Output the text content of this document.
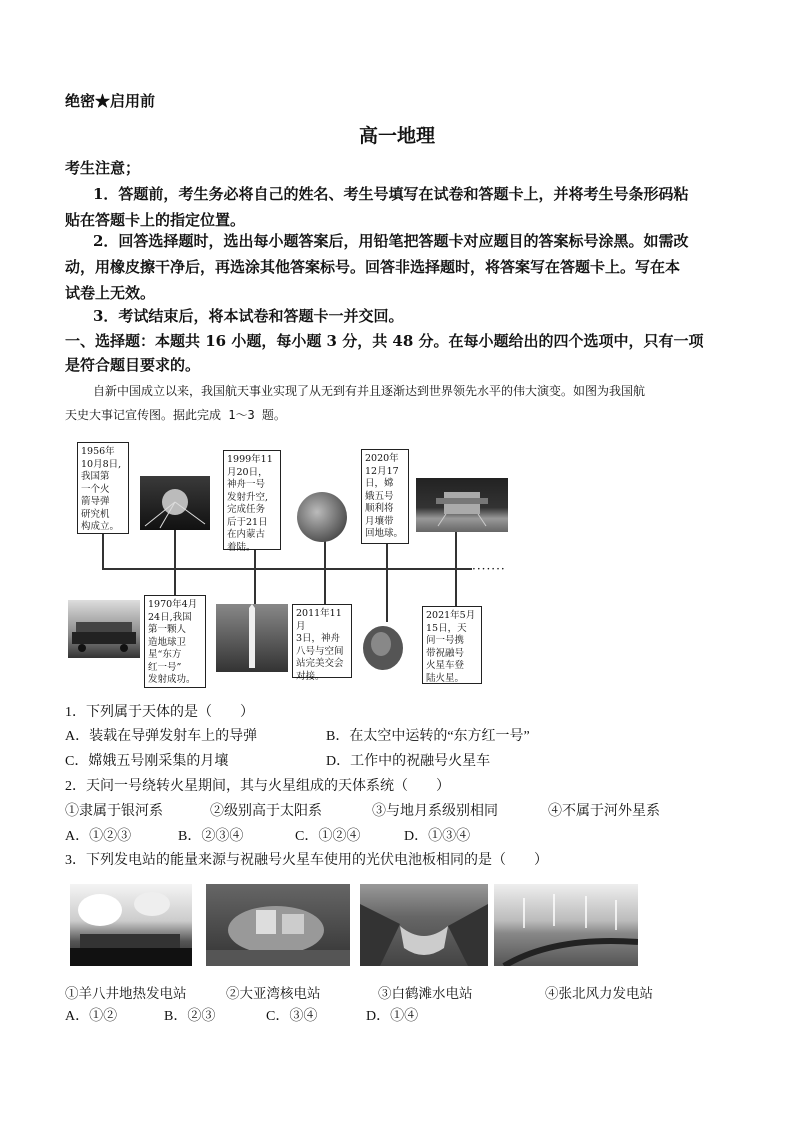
绝密★启用前
高一地理
考生注意；
1．答题前，考生务必将自己的姓名、考生号填写在试卷和答题卡上，并将考生号条形码粘
贴在答题卡上的指定位置。
2．回答选择题时，选出每小题答案后，用铅笔把答题卡对应题目的答案标号涂黑。如需改
动，用橡皮擦干净后，再选涂其他答案标号。回答非选择题时，将答案写在答题卡上。写在本
试卷上无效。
3．考试结束后，将本试卷和答题卡一并交回。
一、选择题：本题共 16 小题，每小题 3 分，共 48 分。在每小题给出的四个选项中，只有一项
是符合题目要求的。
自新中国成立以来，我国航天事业实现了从无到有并且逐渐达到世界领先水平的伟大演变。如图为我国航
天史大事记宣传图。据此完成 1～3 题。
·······
1956年
10月8日,
我国第
一个火
箭导弹
研究机
构成立。
1970年4月
24日,我国
第一颗人
造地球卫
星“东方
红一号”
发射成功。
1999年11
月20日，
神舟一号
发射升空,
完成任务
后于21日
在内蒙古
着陆。
2011年11月
3日，神舟
八号与空间
站完美交会
对接。
2020年
12月17
日，嫦
娥五号
顺利将
月壤带
回地球。
2021年5月
15日，天
问一号携
带祝融号
火星车登
陆火星。
1．下列属于天体的是（　　）
A．装载在导弹发射车上的导弹	B．在太空中运转的“东方红一号”
C．嫦娥五号刚采集的月壤	D．工作中的祝融号火星车
2．天问一号绕转火星期间，其与火星组成的天体系统（　　）
①隶属于银河系	②级别高于太阳系	③与地月系级别相同	④不属于河外星系
A．①②③	B．②③④	C．①②④	D．①③④
3．下列发电站的能量来源与祝融号火星车使用的光伏电池板相同的是（　　）
①羊八井地热发电站	②大亚湾核电站	③白鹤滩水电站	④张北风力发电站
A．①②	B．②③	C．③④	D．①④
